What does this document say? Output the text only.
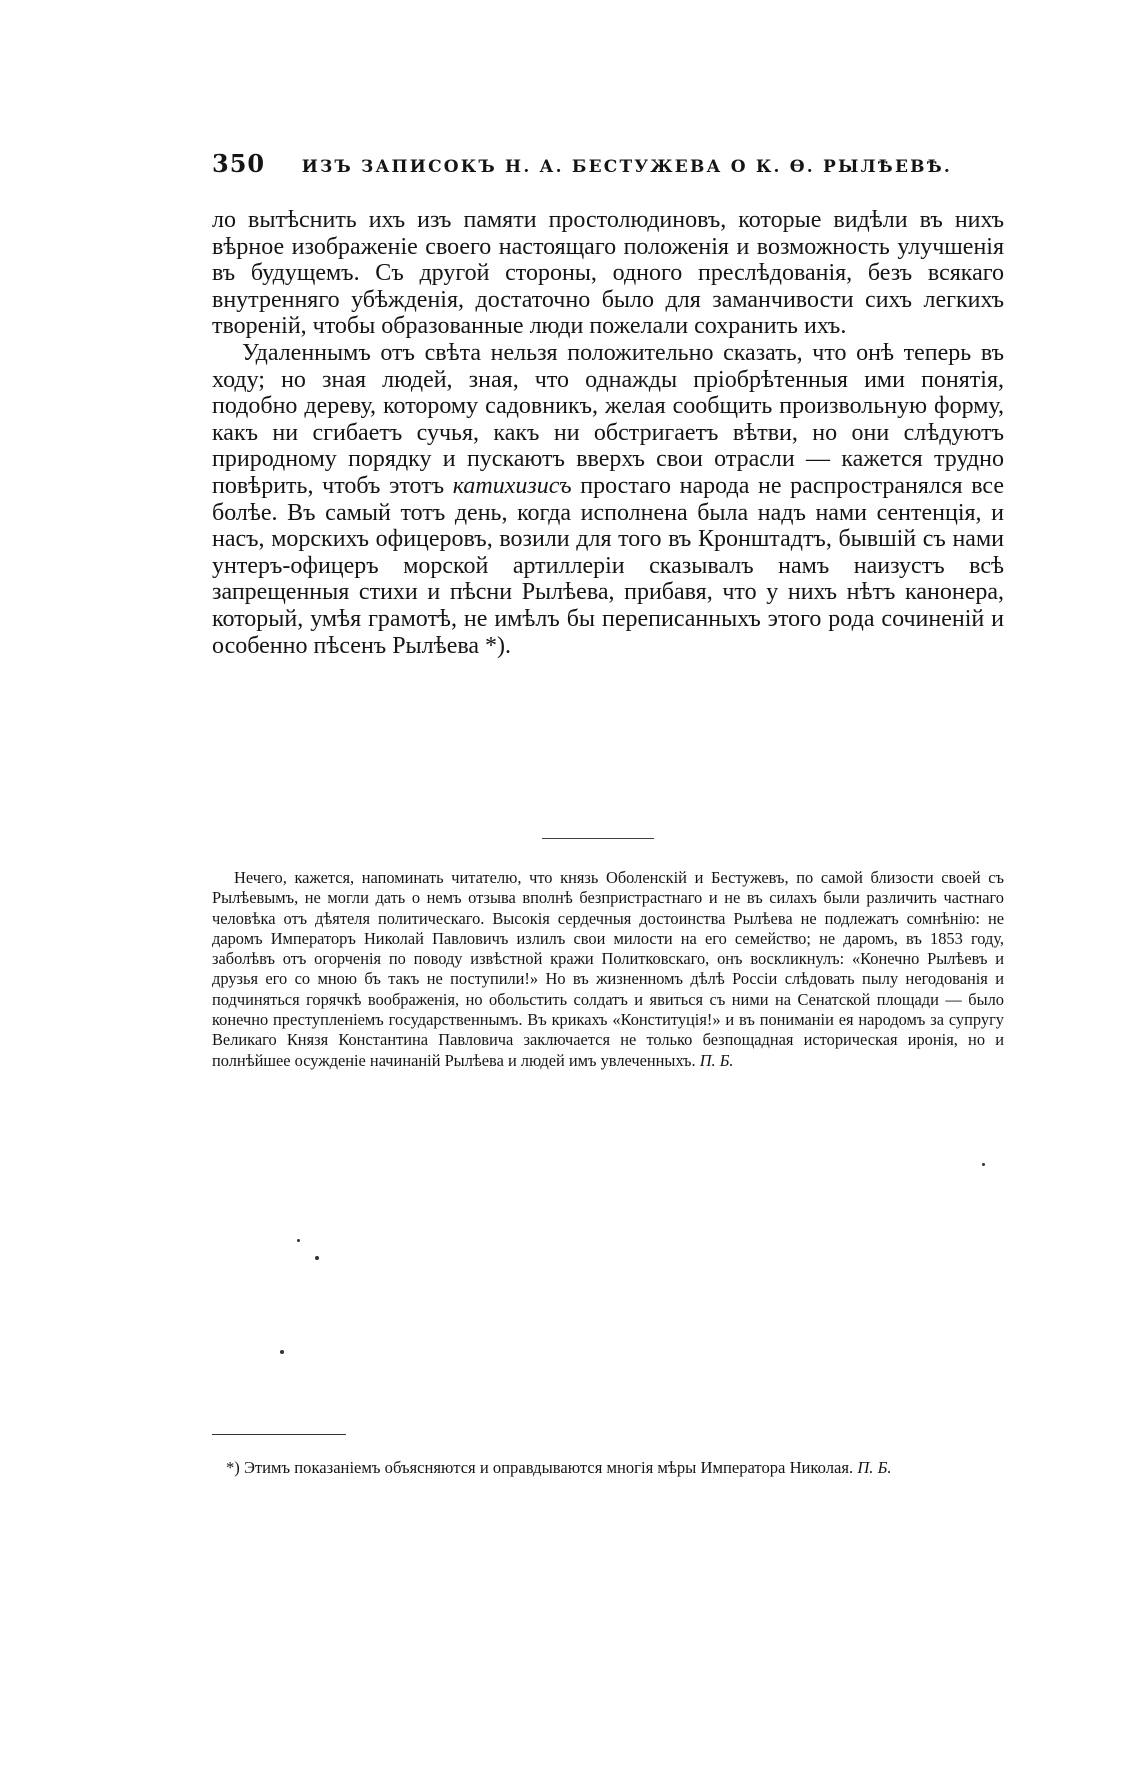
350	ИЗЪ ЗАПИСОКЪ Н. А. БЕСТУЖЕВА О К. Ѳ. РЫЛѢЕВѢ.

ло вытѣснить ихъ изъ памяти простолюдиновъ, которые видѣли въ нихъ вѣрное изображеніе своего настоящаго положенія и возможность улучшенія въ будущемъ. Съ другой стороны, одного преслѣдованія, безъ всякаго внутренняго убѣжденія, достаточно было для заманчивости сихъ легкихъ твореній, чтобы образованные люди пожелали сохранить ихъ.

Удаленнымъ отъ свѣта нельзя положительно сказать, что онѣ теперь въ ходу; но зная людей, зная, что однажды пріобрѣтенныя ими понятія, подобно дереву, которому садовникъ, желая сообщить произвольную форму, какъ ни сгибаетъ сучья, какъ ни обстригаетъ вѣтви, но они слѣдуютъ природному порядку и пускаютъ вверхъ свои отрасли — кажется трудно повѣрить, чтобъ этотъ катихизисъ простаго народа не распространялся все болѣе. Въ самый тотъ день, когда исполнена была надъ нами сентенція, и насъ, морскихъ офицеровъ, возили для того въ Кронштадтъ, бывшій съ нами унтеръ-офицеръ морской артиллеріи сказывалъ намъ наизустъ всѣ запрещенныя стихи и пѣсни Рылѣева, прибавя, что у нихъ нѣтъ канонера, который, умѣя грамотѣ, не имѣлъ бы переписанныхъ этого рода сочиненій и особенно пѣсенъ Рылѣева *).

Нечего, кажется, напоминать читателю, что князь Оболенскій и Бестужевъ, по самой близости своей съ Рылѣевымъ, не могли дать о немъ отзыва вполнѣ безпристрастнаго и не въ силахъ были различить частнаго человѣка отъ дѣятеля политическаго. Высокія сердечныя достоинства Рылѣева не подлежатъ сомнѣнію: не даромъ Императоръ Николай Павловичъ излилъ свои милости на его семейство; не даромъ, въ 1853 году, заболѣвъ отъ огорченія по поводу извѣстной кражи Политковскаго, онъ воскликнулъ: «Конечно Рылѣевъ и друзья его со мною бъ такъ не поступили!» Но въ жизненномъ дѣлѣ Россіи слѣдовать пылу негодованія и подчиняться горячкѣ воображенія, но обольстить солдатъ и явиться съ ними на Сенатской площади — было конечно преступленіемъ государственнымъ. Въ крикахъ «Конституція!» и въ пониманіи ея народомъ за супругу Великаго Князя Константина Павловича заключается не только безпощадная историческая иронія, но и полнѣйшее осужденіе начинаній Рылѣева и людей имъ увлеченныхъ. П. Б.

*) Этимъ показаніемъ объясняются и оправдываются многія мѣры Императора Николая. П. Б.
